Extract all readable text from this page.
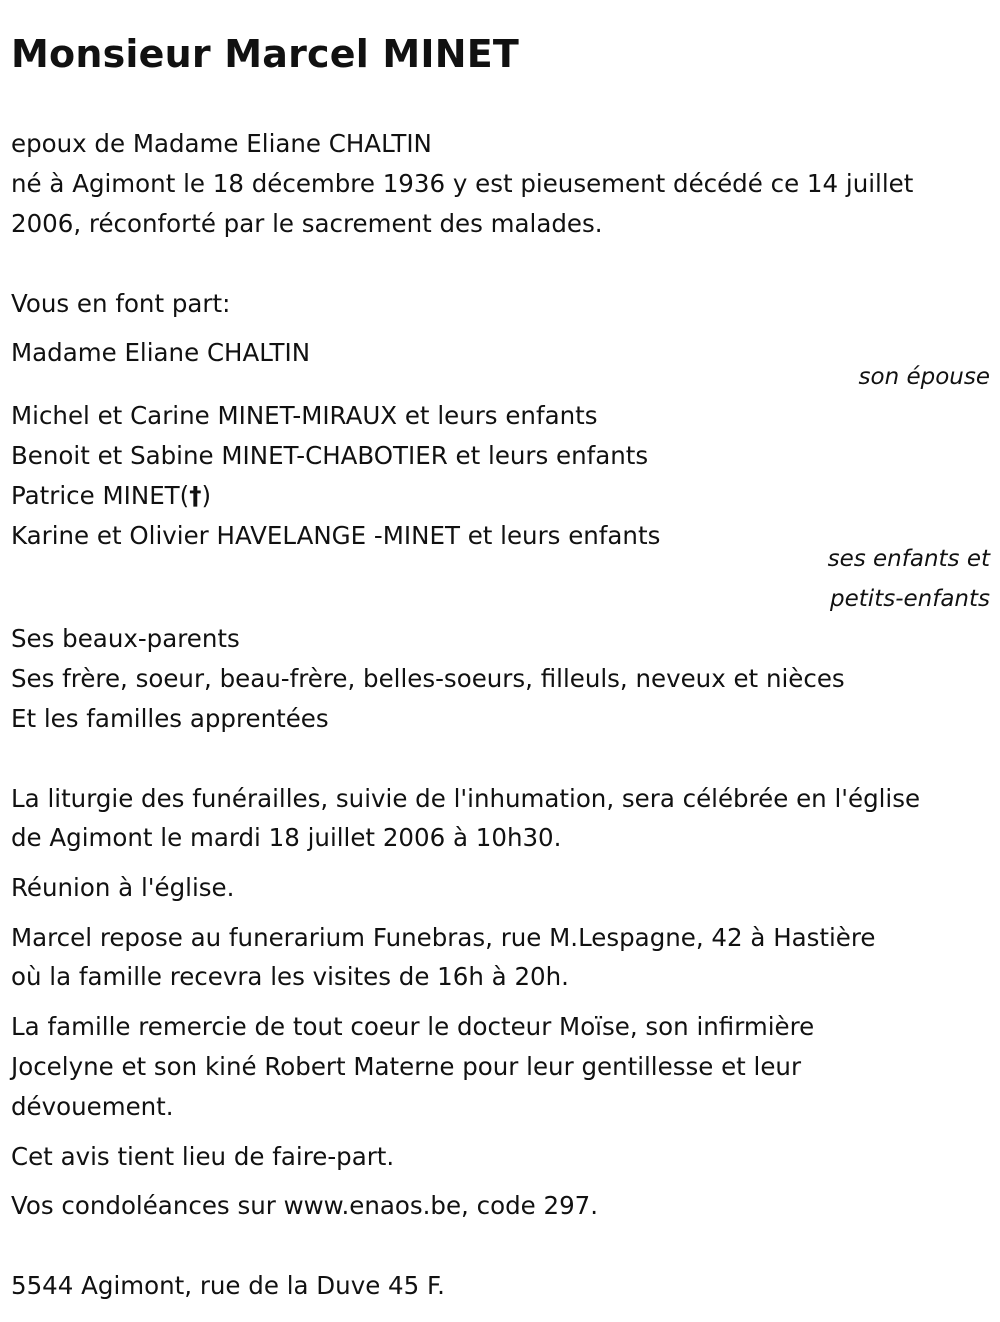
Monsieur Marcel MINET
epoux de Madame Eliane CHALTIN
né à Agimont le 18 décembre 1936 y est pieusement décédé ce 14 juillet
2006, réconforté par le sacrement des malades.
Vous en font part:
Madame Eliane CHALTIN
son épouse
Michel et Carine MINET-MIRAUX et leurs enfants
Benoit et Sabine MINET-CHABOTIER et leurs enfants
Patrice MINET(†)
Karine et Olivier HAVELANGE -MINET et leurs enfants
ses enfants et
petits-enfants
Ses beaux-parents
Ses frère, soeur, beau-frère, belles-soeurs, filleuls, neveux et nièces
Et les familles apprentées
La liturgie des funérailles, suivie de l'inhumation, sera célébrée en l'église
de Agimont le mardi 18 juillet 2006 à 10h30.
Réunion à l'église.
Marcel repose au funerarium Funebras, rue M.Lespagne, 42 à Hastière
où la famille recevra les visites de 16h à 20h.
La famille remercie de tout coeur le docteur Moïse, son infirmière
Jocelyne et son kiné Robert Materne pour leur gentillesse et leur
dévouement.
Cet avis tient lieu de faire-part.
Vos condoléances sur www.enaos.be, code 297.
5544 Agimont, rue de la Duve 45 F.
